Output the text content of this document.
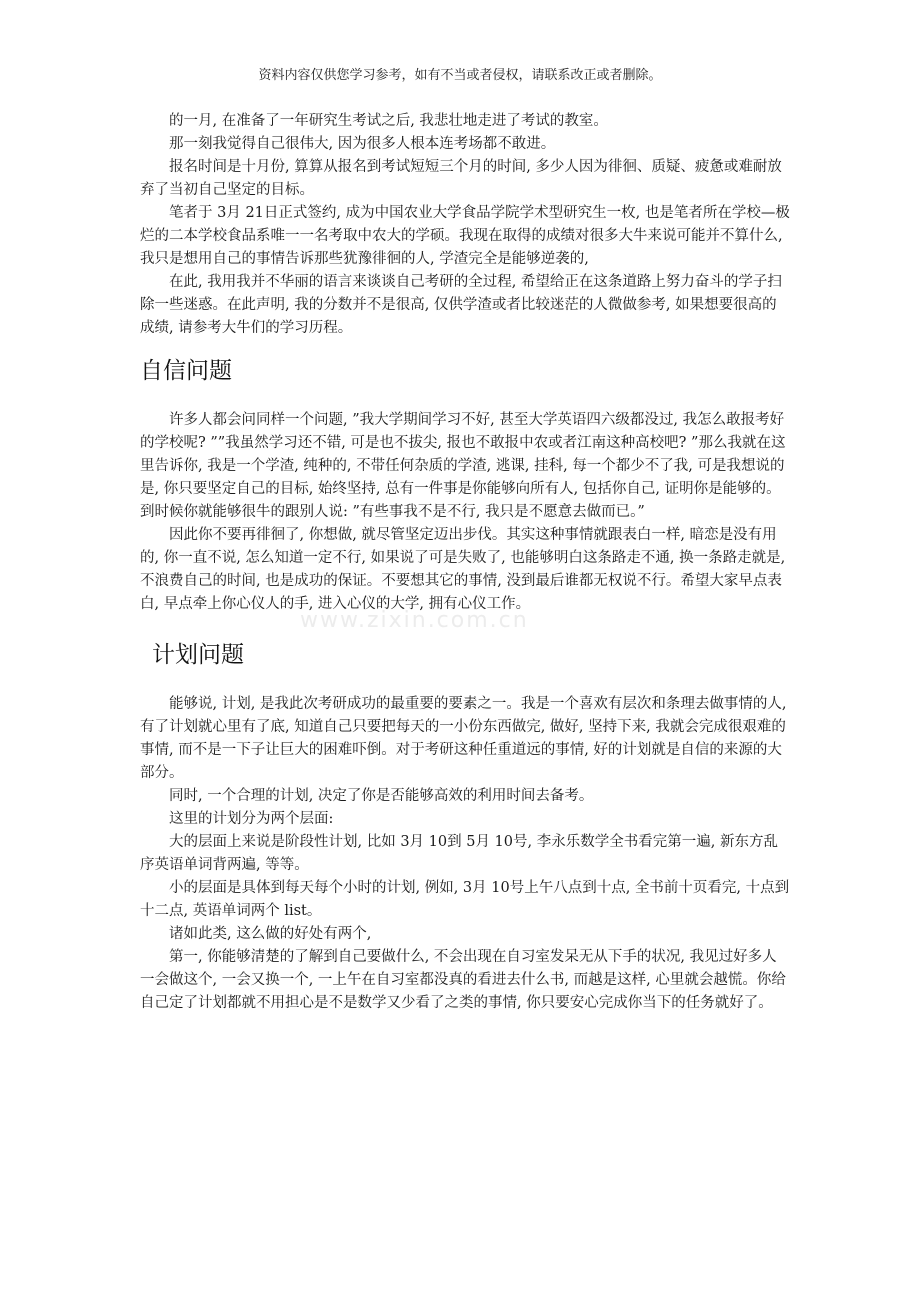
资料内容仅供您学习参考，如有不当或者侵权，请联系改正或者删除。
www.zixin.com.cn

的一月, 在准备了一年研究生考试之后, 我悲壮地走进了考试的教室。

那一刻我觉得自己很伟大, 因为很多人根本连考场都不敢进。

报名时间是十月份, 算算从报名到考试短短三个月的时间, 多少人因为徘徊、质疑、疲惫或难耐放弃了当初自己坚定的目标。

笔者于 3月 21日正式签约, 成为中国农业大学食品学院学术型研究生一枚, 也是笔者所在学校—极烂的二本学校食品系唯一一名考取中农大的学硕。我现在取得的成绩对很多大牛来说可能并不算什么, 我只是想用自己的事情告诉那些犹豫徘徊的人, 学渣完全是能够逆袭的,

在此, 我用我并不华丽的语言来谈谈自己考研的全过程, 希望给正在这条道路上努力奋斗的学子扫除一些迷惑。在此声明, 我的分数并不是很高, 仅供学渣或者比较迷茫的人微做参考, 如果想要很高的成绩, 请参考大牛们的学习历程。

自信问题

许多人都会问同样一个问题, ”我大学期间学习不好, 甚至大学英语四六级都没过, 我怎么敢报考好的学校呢? ””我虽然学习还不错, 可是也不拔尖, 报也不敢报中农或者江南这种高校吧? ”那么我就在这里告诉你, 我是一个学渣, 纯种的, 不带任何杂质的学渣, 逃课, 挂科, 每一个都少不了我, 可是我想说的是, 你只要坚定自己的目标, 始终坚持, 总有一件事是你能够向所有人, 包括你自己, 证明你是能够的。到时候你就能够很牛的跟别人说: ”有些事我不是不行, 我只是不愿意去做而已。”

因此你不要再徘徊了, 你想做, 就尽管坚定迈出步伐。其实这种事情就跟表白一样, 暗恋是没有用的, 你一直不说, 怎么知道一定不行, 如果说了可是失败了, 也能够明白这条路走不通, 换一条路走就是, 不浪费自己的时间, 也是成功的保证。不要想其它的事情, 没到最后谁都无权说不行。希望大家早点表白, 早点牵上你心仪人的手, 进入心仪的大学, 拥有心仪工作。

计划问题

能够说, 计划, 是我此次考研成功的最重要的要素之一。我是一个喜欢有层次和条理去做事情的人, 有了计划就心里有了底, 知道自己只要把每天的一小份东西做完, 做好, 坚持下来, 我就会完成很艰难的事情, 而不是一下子让巨大的困难吓倒。对于考研这种任重道远的事情, 好的计划就是自信的来源的大部分。

同时, 一个合理的计划, 决定了你是否能够高效的利用时间去备考。

这里的计划分为两个层面:

大的层面上来说是阶段性计划, 比如 3月 10到 5月 10号, 李永乐数学全书看完第一遍, 新东方乱序英语单词背两遍, 等等。

小的层面是具体到每天每个小时的计划, 例如, 3月 10号上午八点到十点, 全书前十页看完, 十点到十二点, 英语单词两个 list。

诸如此类, 这么做的好处有两个,

第一, 你能够清楚的了解到自己要做什么, 不会出现在自习室发呆无从下手的状况, 我见过好多人一会做这个, 一会又换一个, 一上午在自习室都没真的看进去什么书, 而越是这样, 心里就会越慌。你给自己定了计划都就不用担心是不是数学又少看了之类的事情, 你只要安心完成你当下的任务就好了。
